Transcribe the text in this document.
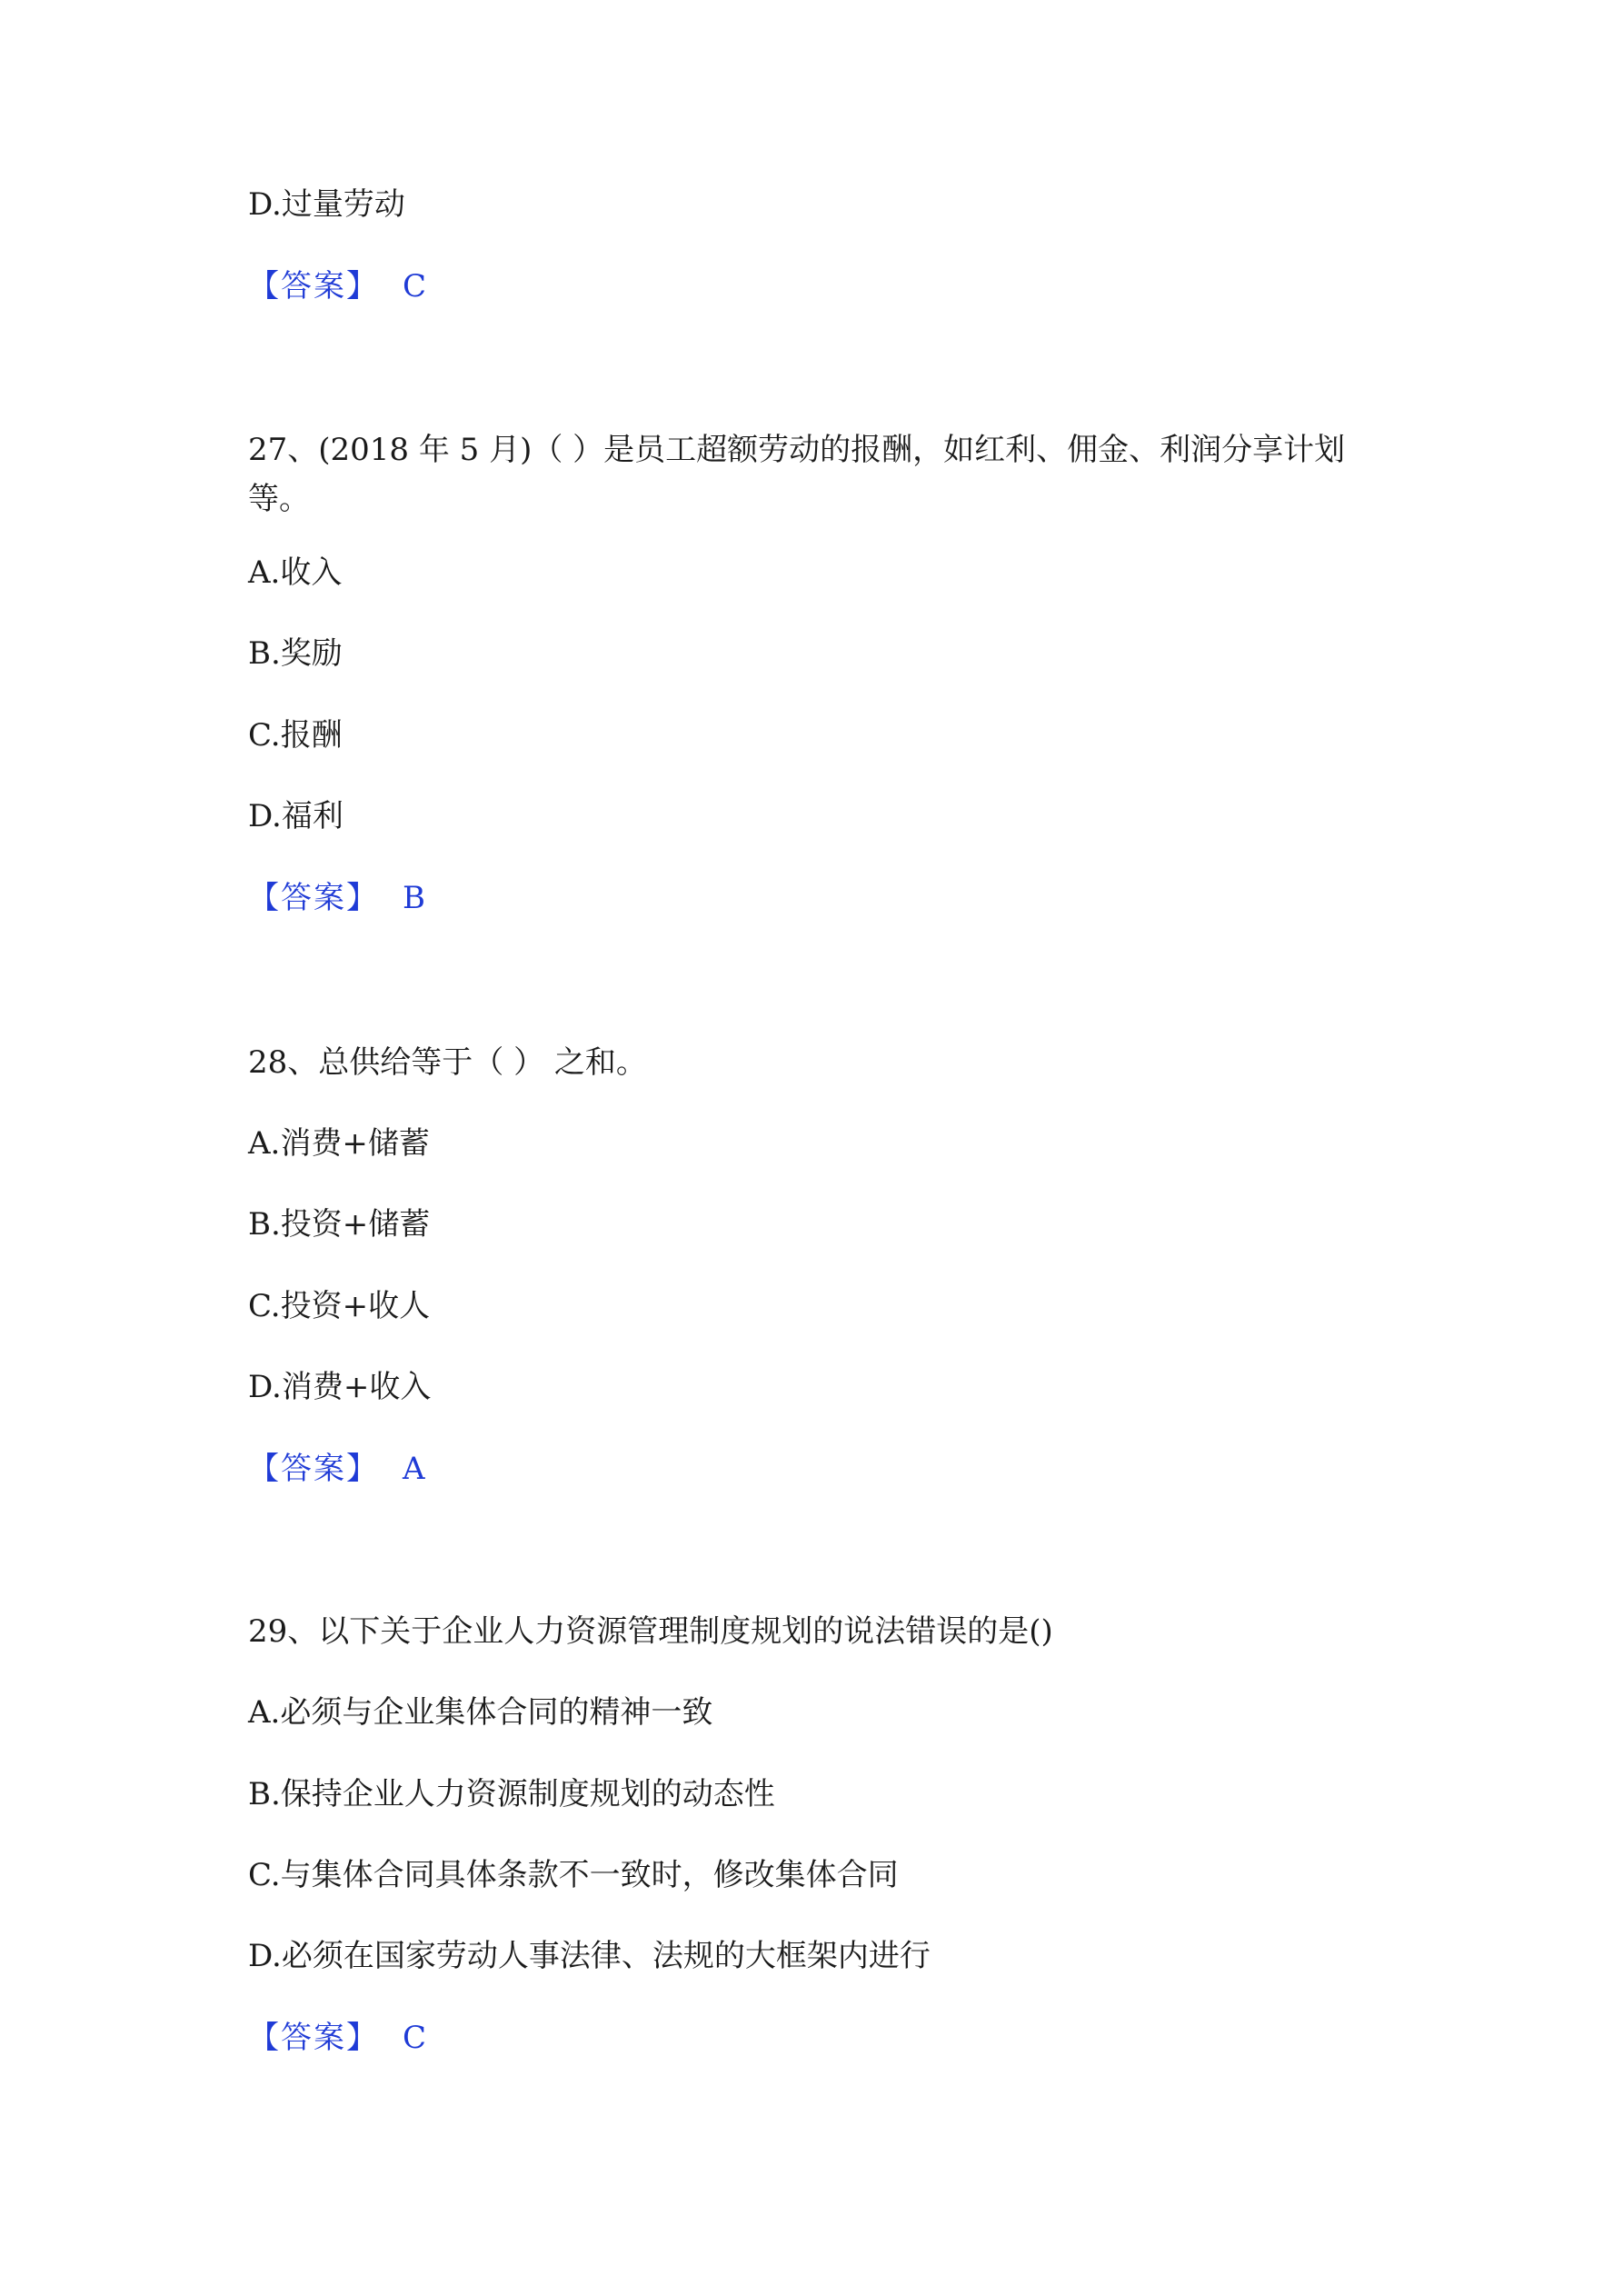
D.过量劳动
【答案】 C
27、(2018 年 5 月)（ ）是员工超额劳动的报酬，如红利、佣金、利润分享计划等。
A.收入
B.奖励
C.报酬
D.福利
【答案】 B
28、总供给等于（ ） 之和。
A.消费+储蓄
B.投资+储蓄
C.投资+收人
D.消费+收入
【答案】 A
29、以下关于企业人力资源管理制度规划的说法错误的是()
A.必须与企业集体合同的精神一致
B.保持企业人力资源制度规划的动态性
C.与集体合同具体条款不一致时，修改集体合同
D.必须在国家劳动人事法律、法规的大框架内进行
【答案】 C
